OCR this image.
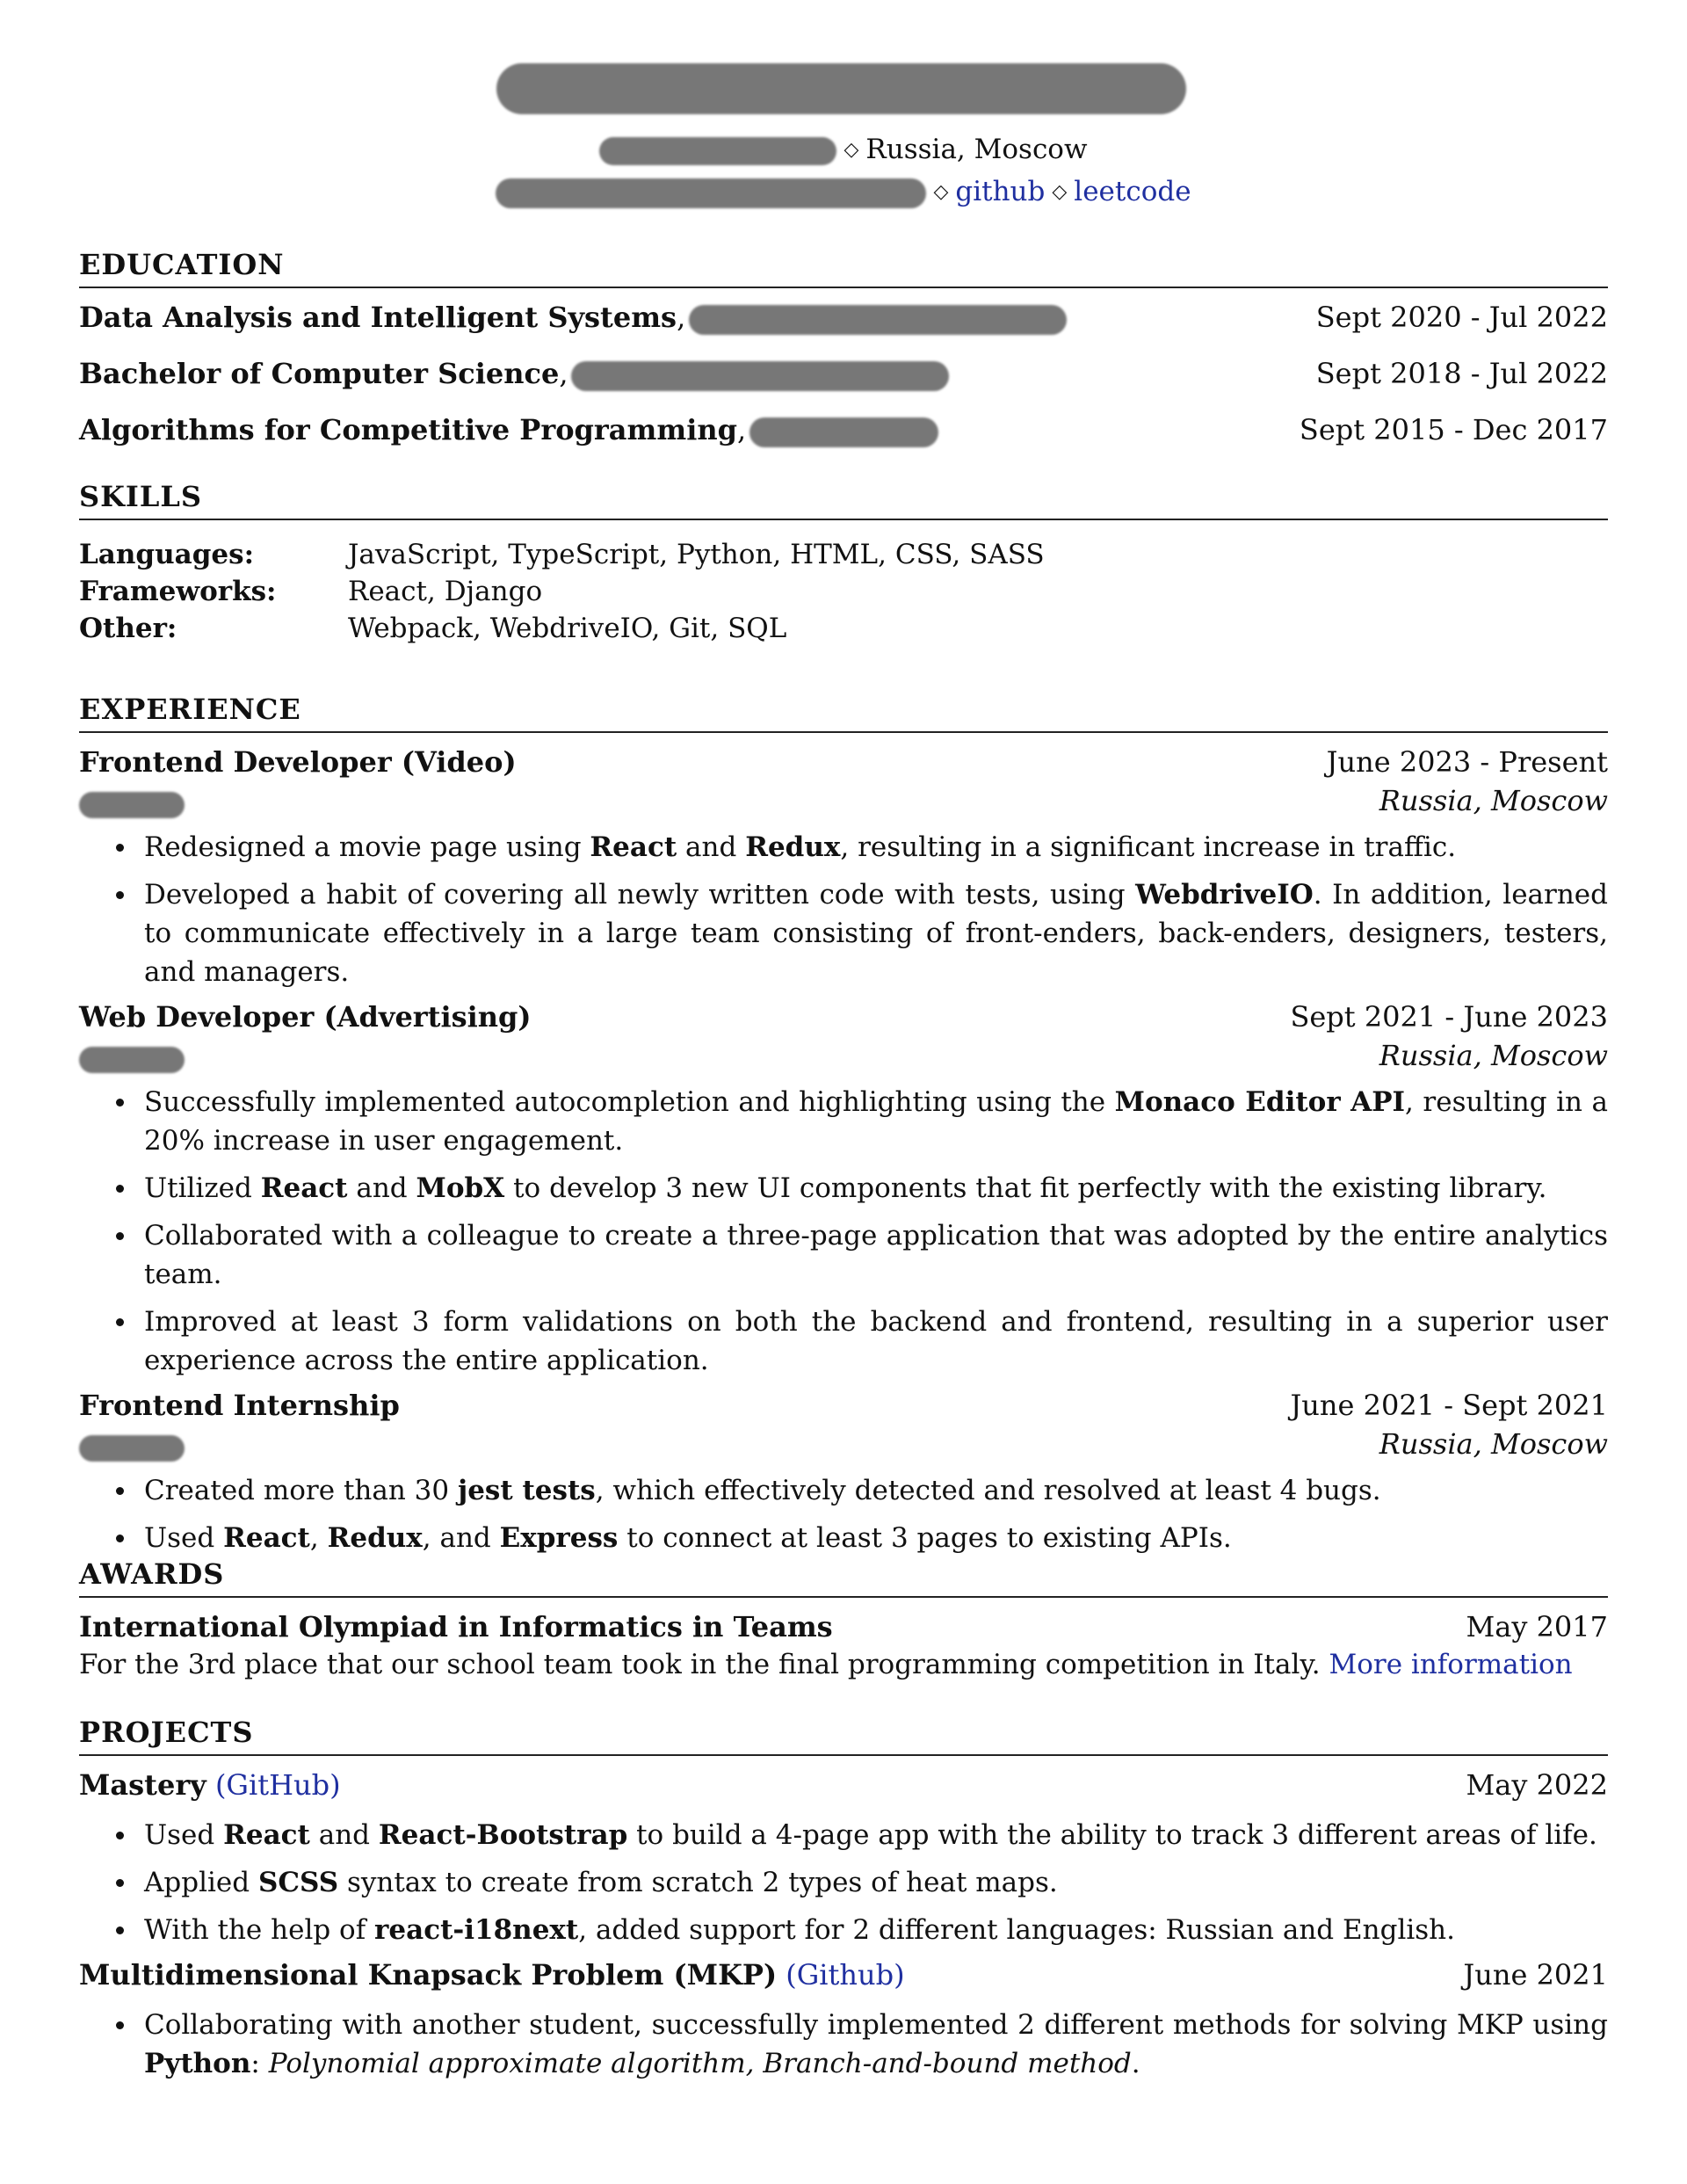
◇ Russia, Moscow
◇ github ◇ leetcode
EDUCATION
Data Analysis and Intelligent Systems,	Sept 2020 - Jul 2022
Bachelor of Computer Science,	Sept 2018 - Jul 2022
Algorithms for Competitive Programming,	Sept 2015 - Dec 2017
SKILLS
Languages:	JavaScript, TypeScript, Python, HTML, CSS, SASS
Frameworks:	React, Django
Other:	Webpack, WebdriveIO, Git, SQL
EXPERIENCE
Frontend Developer (Video)	June 2023 - Present
Russia, Moscow
Redesigned a movie page using React and Redux, resulting in a significant increase in traffic.
Developed a habit of covering all newly written code with tests, using WebdriveIO. In addition, learned to communicate effectively in a large team consisting of front-enders, back-enders, designers, testers, and managers.
Web Developer (Advertising)	Sept 2021 - June 2023
Russia, Moscow
Successfully implemented autocompletion and highlighting using the Monaco Editor API, resulting in a 20% increase in user engagement.
Utilized React and MobX to develop 3 new UI components that fit perfectly with the existing library.
Collaborated with a colleague to create a three-page application that was adopted by the entire analytics team.
Improved at least 3 form validations on both the backend and frontend, resulting in a superior user experience across the entire application.
Frontend Internship	June 2021 - Sept 2021
Russia, Moscow
Created more than 30 jest tests, which effectively detected and resolved at least 4 bugs.
Used React, Redux, and Express to connect at least 3 pages to existing APIs.
AWARDS
International Olympiad in Informatics in Teams	May 2017
For the 3rd place that our school team took in the final programming competition in Italy. More information
PROJECTS
Mastery (GitHub)	May 2022
Used React and React-Bootstrap to build a 4-page app with the ability to track 3 different areas of life.
Applied SCSS syntax to create from scratch 2 types of heat maps.
With the help of react-i18next, added support for 2 different languages: Russian and English.
Multidimensional Knapsack Problem (MKP) (Github)	June 2021
Collaborating with another student, successfully implemented 2 different methods for solving MKP using Python: Polynomial approximate algorithm, Branch-and-bound method.
